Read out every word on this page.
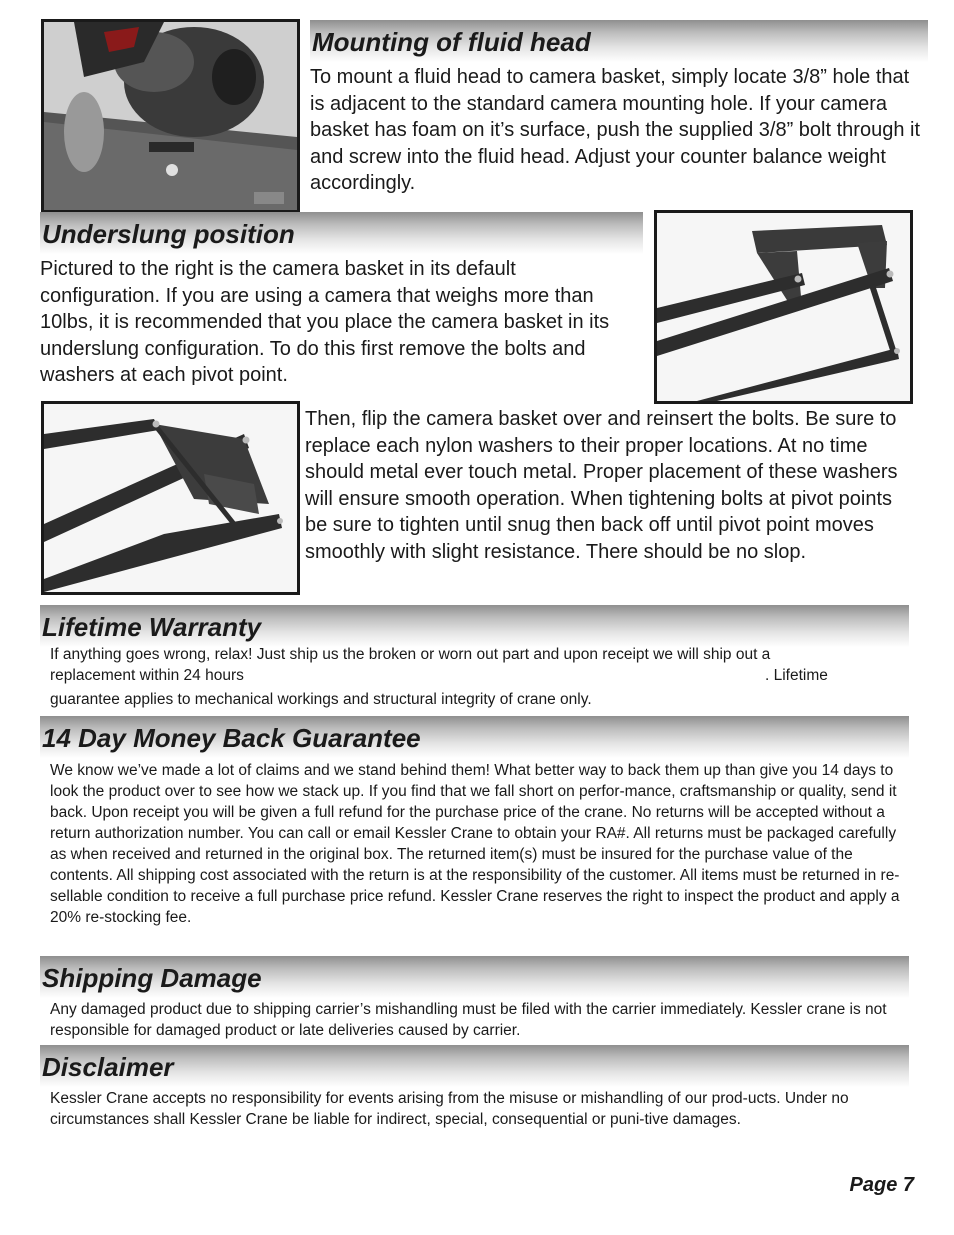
Mounting of fluid head

To mount a fluid head to camera basket, simply locate 3/8” hole that is adjacent to the standard camera mounting hole. If your camera basket has foam on it’s surface, push the supplied 3/8” bolt through it and screw into the fluid head. Adjust your counter balance weight accordingly.

Underslung position

Pictured to the right is the camera basket in its default configuration. If you are using a camera that weighs more than 10lbs, it is recommended that you place the camera basket in its underslung configuration. To do this first remove the bolts and washers at each pivot point.

Then, flip the camera basket over and reinsert the bolts. Be sure to replace each nylon washers to their proper locations. At no time should metal ever touch metal. Proper placement of these washers will ensure smooth operation. When tightening bolts at pivot points be sure to tighten until snug then back off until pivot point moves smoothly with slight resistance. There should be no slop.

Lifetime Warranty

If anything goes wrong, relax! Just ship us the broken or worn out part and upon receipt we will ship out a

replacement within 24 hours	. Lifetime

guarantee applies to mechanical workings and structural integrity of crane only.

14 Day Money Back Guarantee

We know we’ve made a lot of claims and we stand behind them! What better way to back them up than give you 14 days to look the product over to see how we stack up. If you find that we fall short on perfor-mance, craftsmanship or quality, send it back. Upon receipt you will be given a full refund for the purchase price of the crane. No returns will be accepted without a return authorization number. You can call or email Kessler Crane to obtain your RA#. All returns must be packaged carefully as when received and returned in the original box. The returned item(s) must be insured for the purchase value of the contents. All shipping cost associated with the return is at the responsibility of the customer. All items must be returned in re-sellable condition to receive a full purchase price refund. Kessler Crane reserves the right to inspect the product and apply a 20% re-stocking fee.

Shipping Damage

Any damaged product due to shipping carrier’s mishandling must be filed with the carrier immediately. Kessler crane is not responsible for damaged product or late deliveries caused by carrier.

Disclaimer

Kessler Crane accepts no responsibility for events arising from the misuse or mishandling of our prod-ucts. Under no circumstances shall Kessler Crane be liable for indirect, special, consequential or puni-tive damages.

Page 7
